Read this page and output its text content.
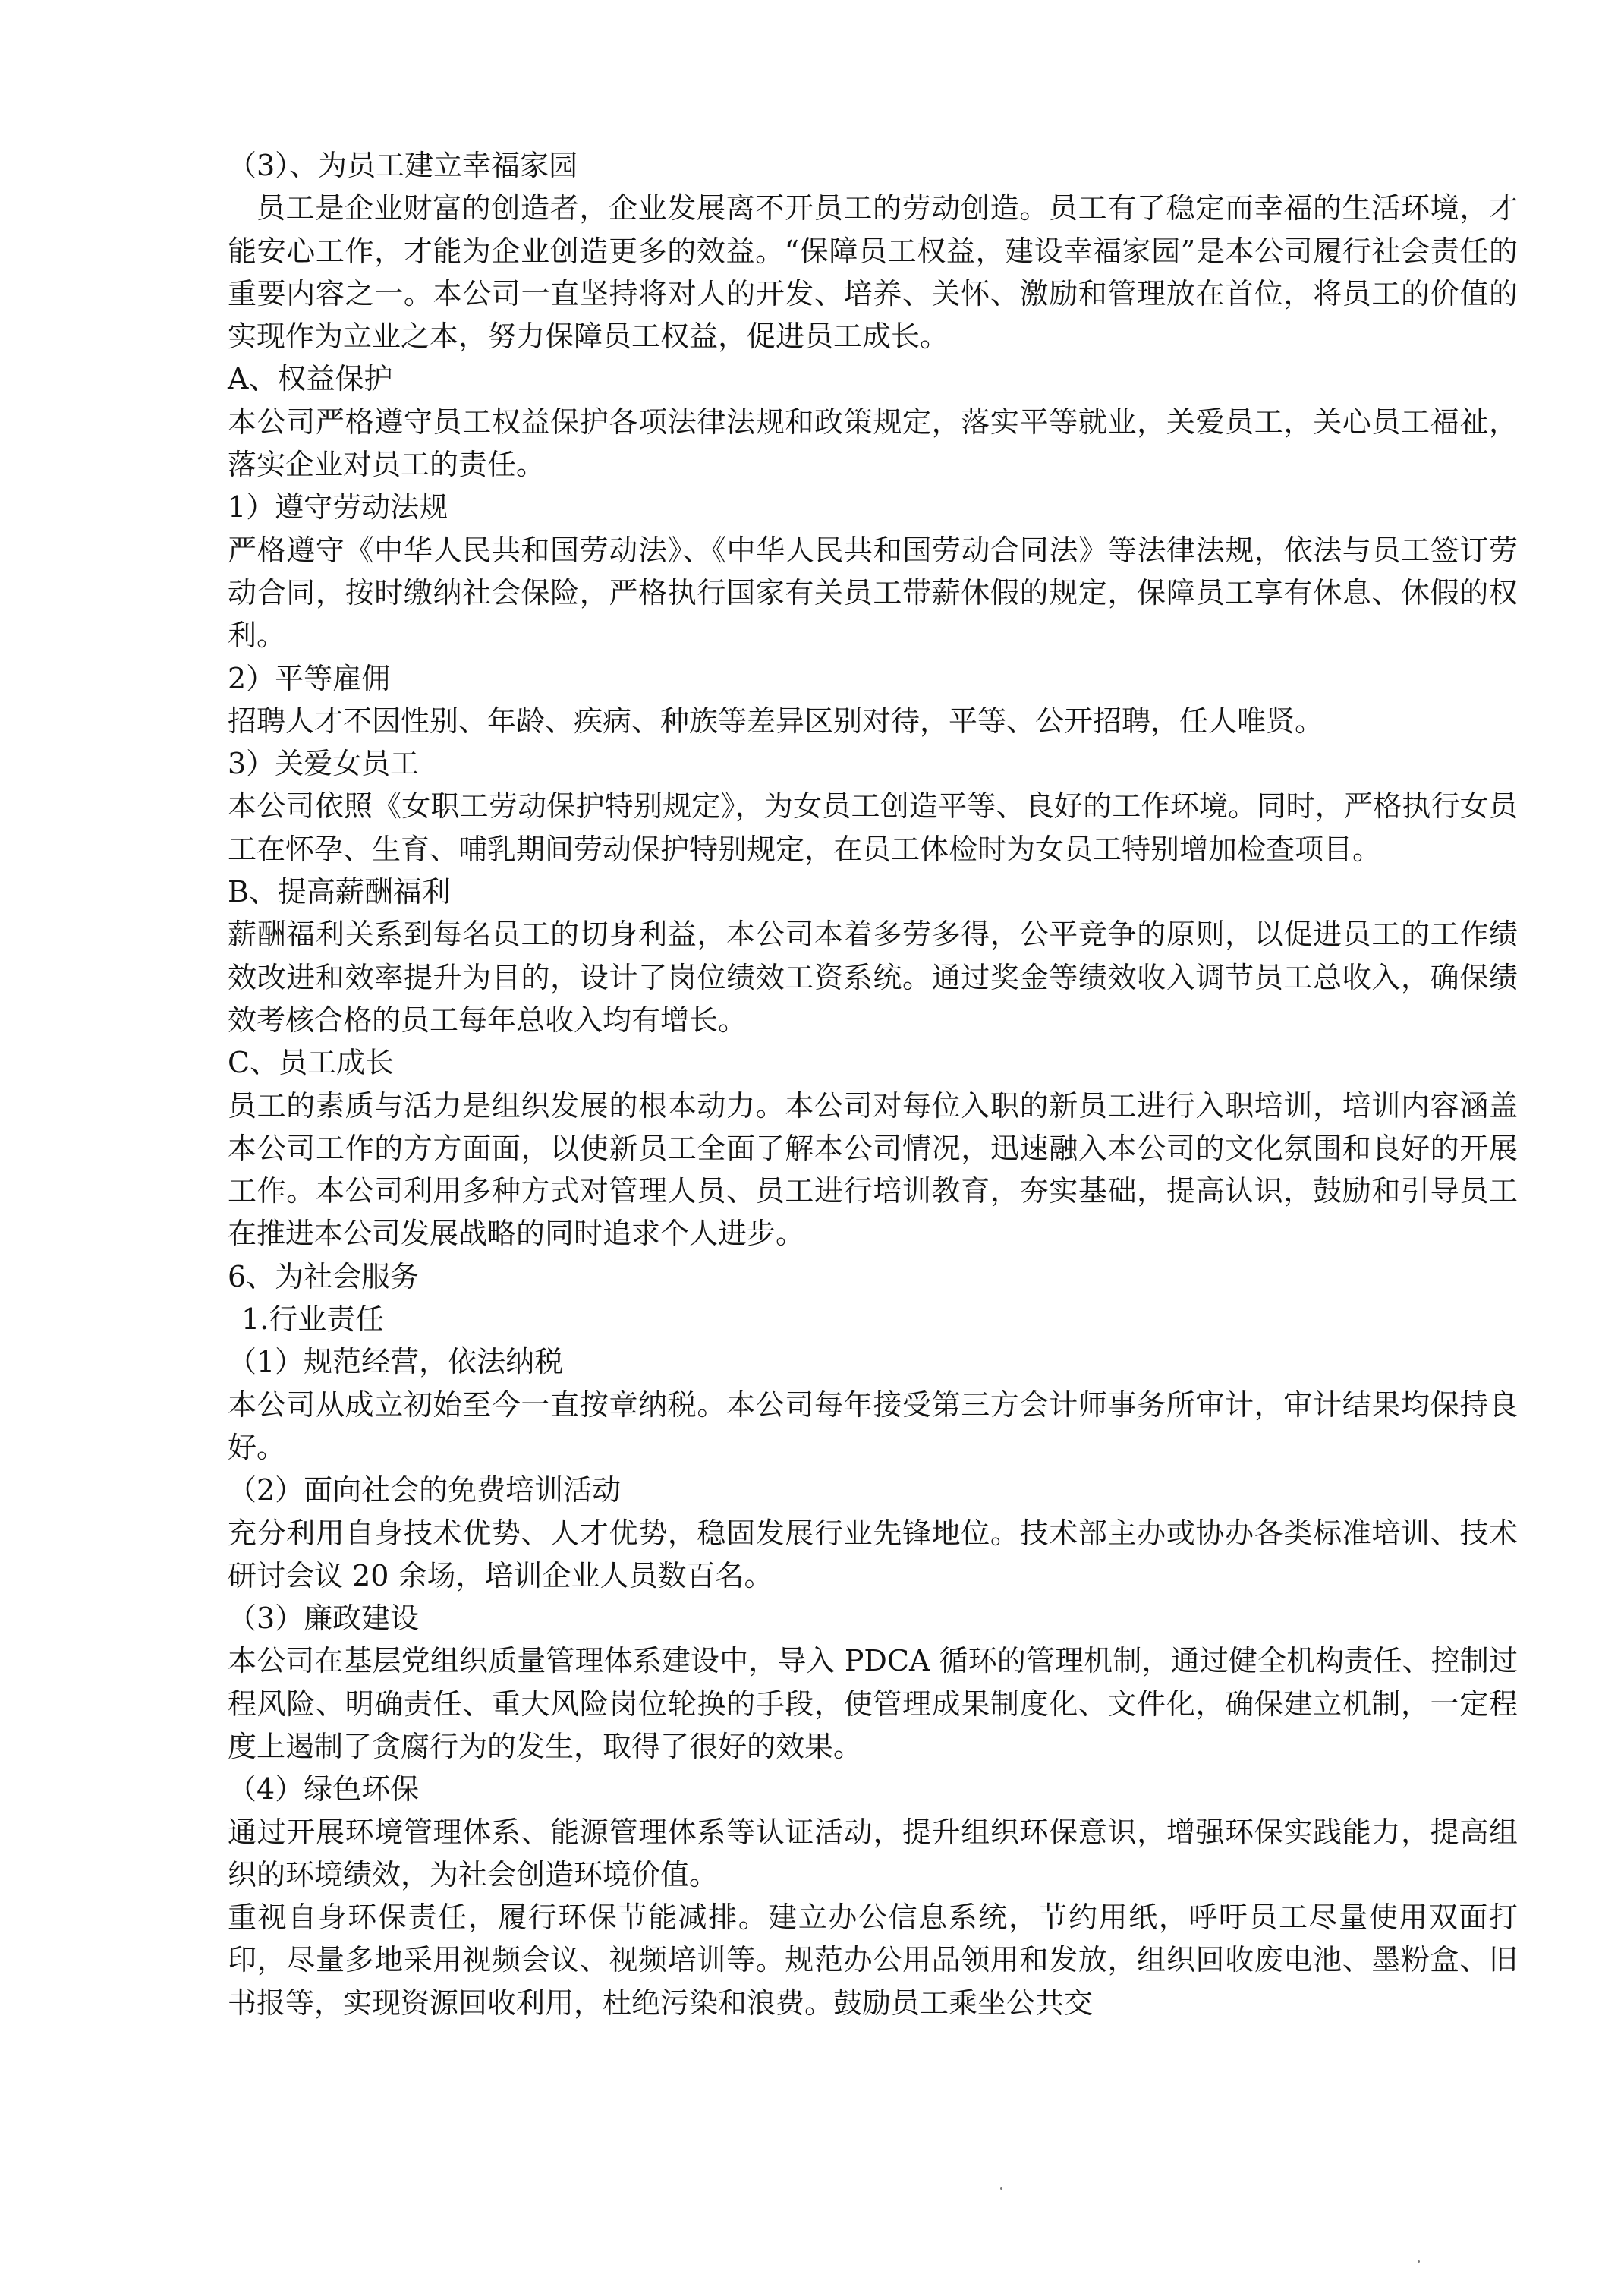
（3）、为员工建立幸福家园

员工是企业财富的创造者，企业发展离不开员工的劳动创造。员工有了稳定而幸福的生活环境，才能安心工作，才能为企业创造更多的效益。“保障员工权益，建设幸福家园”是本公司履行社会责任的重要内容之一。本公司一直坚持将对人的开发、培养、关怀、激励和管理放在首位，将员工的价值的实现作为立业之本，努力保障员工权益，促进员工成长。

A、权益保护

本公司严格遵守员工权益保护各项法律法规和政策规定，落实平等就业，关爱员工，关心员工福祉，落实企业对员工的责任。

1）遵守劳动法规

严格遵守《中华人民共和国劳动法》、《中华人民共和国劳动合同法》等法律法规，依法与员工签订劳动合同，按时缴纳社会保险，严格执行国家有关员工带薪休假的规定，保障员工享有休息、休假的权利。

2）平等雇佣

招聘人才不因性别、年龄、疾病、种族等差异区别对待，平等、公开招聘，任人唯贤。

3）关爱女员工

本公司依照《女职工劳动保护特别规定》，为女员工创造平等、良好的工作环境。同时，严格执行女员工在怀孕、生育、哺乳期间劳动保护特别规定，在员工体检时为女员工特别增加检查项目。

B、提高薪酬福利

薪酬福利关系到每名员工的切身利益，本公司本着多劳多得，公平竞争的原则，以促进员工的工作绩效改进和效率提升为目的，设计了岗位绩效工资系统。通过奖金等绩效收入调节员工总收入，确保绩效考核合格的员工每年总收入均有增长。

C、员工成长

员工的素质与活力是组织发展的根本动力。本公司对每位入职的新员工进行入职培训，培训内容涵盖本公司工作的方方面面，以使新员工全面了解本公司情况，迅速融入本公司的文化氛围和良好的开展工作。本公司利用多种方式对管理人员、员工进行培训教育，夯实基础，提高认识，鼓励和引导员工在推进本公司发展战略的同时追求个人进步。

6、为社会服务
1.行业责任
（1）规范经营，依法纳税

本公司从成立初始至今一直按章纳税。本公司每年接受第三方会计师事务所审计，审计结果均保持良好。

（2）面向社会的免费培训活动

充分利用自身技术优势、人才优势，稳固发展行业先锋地位。技术部主办或协办各类标准培训、技术研讨会议 20 余场，培训企业人员数百名。

（3）廉政建设

本公司在基层党组织质量管理体系建设中，导入 PDCA 循环的管理机制，通过健全机构责任、控制过程风险、明确责任、重大风险岗位轮换的手段，使管理成果制度化、文件化，确保建立机制，一定程度上遏制了贪腐行为的发生，取得了很好的效果。

（4）绿色环保

通过开展环境管理体系、能源管理体系等认证活动，提升组织环保意识，增强环保实践能力，提高组织的环境绩效，为社会创造环境价值。

重视自身环保责任，履行环保节能减排。建立办公信息系统，节约用纸，呼吁员工尽量使用双面打印，尽量多地采用视频会议、视频培训等。规范办公用品领用和发放，组织回收废电池、墨粉盒、旧书报等，实现资源回收利用，杜绝污染和浪费。鼓励员工乘坐公共交
